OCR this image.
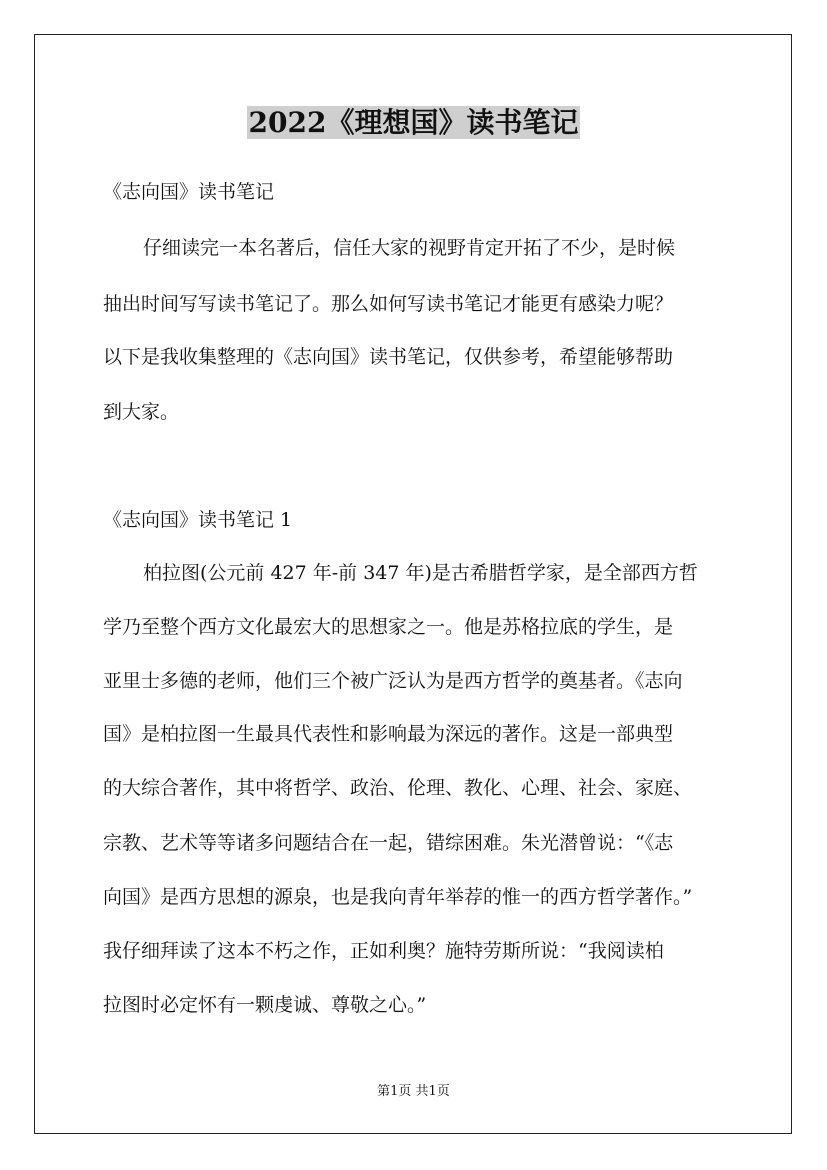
2022《理想国》读书笔记
《志向国》读书笔记
仔细读完一本名著后，信任大家的视野肯定开拓了不少，是时候
抽出时间写写读书笔记了。那么如何写读书笔记才能更有感染力呢？
以下是我收集整理的《志向国》读书笔记，仅供参考，希望能够帮助
到大家。
《志向国》读书笔记 1
柏拉图(公元前 427 年-前 347 年)是古希腊哲学家，是全部西方哲
学乃至整个西方文化最宏大的思想家之一。他是苏格拉底的学生，是
亚里士多德的老师，他们三个被广泛认为是西方哲学的奠基者。《志向
国》是柏拉图一生最具代表性和影响最为深远的著作。这是一部典型
的大综合著作，其中将哲学、政治、伦理、教化、心理、社会、家庭、
宗教、艺术等等诸多问题结合在一起，错综困难。朱光潜曾说：“《志
向国》是西方思想的源泉，也是我向青年举荐的惟一的西方哲学著作。”
我仔细拜读了这本不朽之作，正如利奥？施特劳斯所说：“我阅读柏
拉图时必定怀有一颗虔诚、尊敬之心。”
第1页 共1页
